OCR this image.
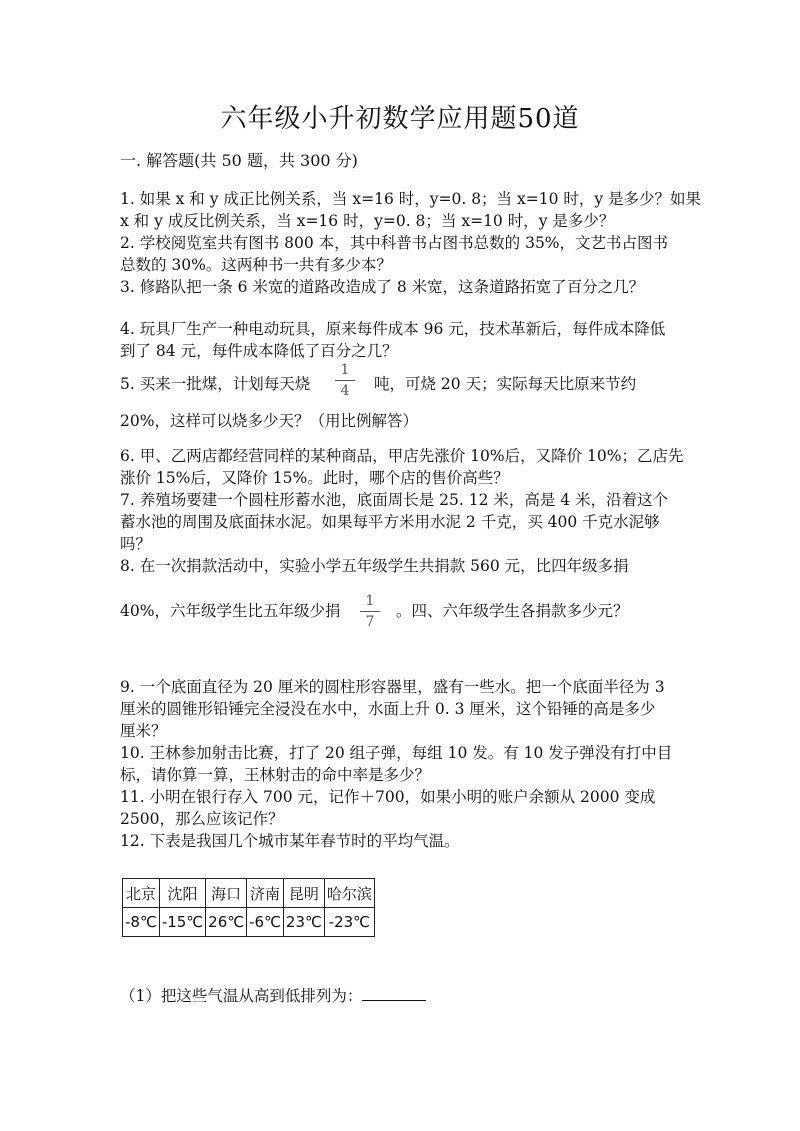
六年级小升初数学应用题50道
一. 解答题(共 50 题，共 300 分)
1. 如果 x 和 y 成正比例关系，当 x=16 时，y=0. 8；当 x=10 时，y 是多少？如果
x 和 y 成反比例关系，当 x=16 时，y=0. 8；当 x=10 时，y 是多少？
2. 学校阅览室共有图书 800 本，其中科普书占图书总数的 35%，文艺书占图书
总数的 30%。这两种书一共有多少本？
3. 修路队把一条 6 米宽的道路改造成了 8 米宽，这条道路拓宽了百分之几？
4. 玩具厂生产一种电动玩具，原来每件成本 96 元，技术革新后，每件成本降低
到了 84 元，每件成本降低了百分之几？
5. 买来一批煤，计划每天烧
1
4	吨，可烧 20 天；实际每天比原来节约
20%，这样可以烧多少天？（用比例解答）
6. 甲、乙两店都经营同样的某种商品，甲店先涨价 10%后，又降价 10%；乙店先
涨价 15%后，又降价 15%。此时，哪个店的售价高些？
7. 养殖场要建一个圆柱形蓄水池，底面周长是 25. 12 米，高是 4 米，沿着这个
蓄水池的周围及底面抹水泥。如果每平方米用水泥 2 千克，买 400 千克水泥够
吗？
8. 在一次捐款活动中，实验小学五年级学生共捐款 560 元，比四年级多捐
40%，六年级学生比五年级少捐
1
7
。四、六年级学生各捐款多少元？
9. 一个底面直径为 20 厘米的圆柱形容器里，盛有一些水。把一个底面半径为 3
厘米的圆锥形铅锤完全浸没在水中，水面上升 0. 3 厘米，这个铅锤的高是多少
厘米？
10. 王林参加射击比赛，打了 20 组子弹，每组 10 发。有 10 发子弹没有打中目
标，请你算一算，王林射击的命中率是多少？
11. 小明在银行存入 700 元，记作＋700，如果小明的账户余额从 2000 变成
2500，那么应该记作？
12. 下表是我国几个城市某年春节时的平均气温。
北京	沈阳	海口	济南	昆明	哈尔滨
-8℃	-15℃	26℃	-6℃	23℃	-23℃
（1）把这些气温从高到低排列为：
